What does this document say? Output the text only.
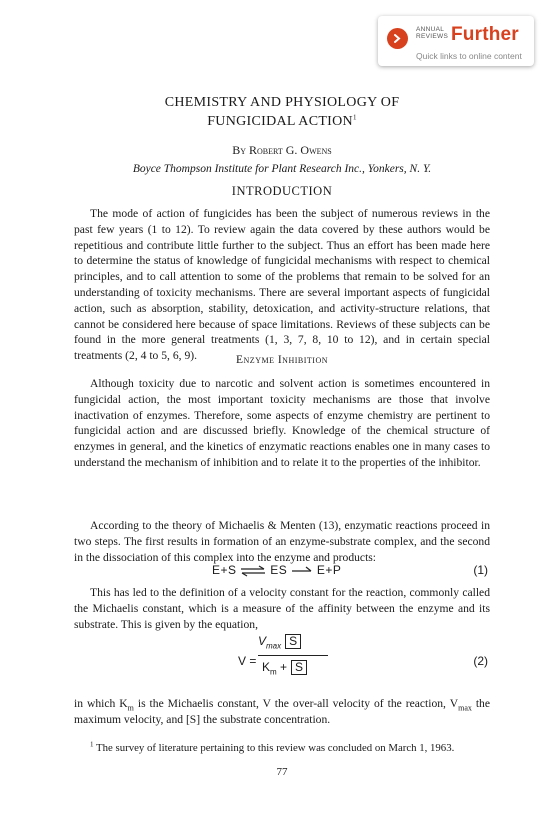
ANNUAL
REVIEWS Further
Quick links to online content
CHEMISTRY AND PHYSIOLOGY OF
FUNGICIDAL ACTION$^1$
By Robert G. Owens
Boyce Thompson Institute for Plant Research Inc., Yonkers, N. Y.
INTRODUCTION

The mode of action of fungicides has been the subject of numerous reviews in the past few years (1 to 12). To review again the data covered by these authors would be repetitious and contribute little further to the subject. Thus an effort has been made here to determine the status of knowledge of fungicidal mechanisms with respect to chemical principles, and to call attention to some of the problems that remain to be solved for an understanding of toxicity mechanisms. There are several important aspects of fungicidal action, such as absorption, stability, detoxication, and activity-structure relations, that cannot be considered here because of space limitations. Reviews of these subjects can be found in the more general treatments (1, 3, 7, 8, 10 to 12), and in certain special treatments (2, 4 to 5, 6, 9).	Enzyme Inhibition

Although toxicity due to narcotic and solvent action is sometimes encountered in fungicidal action, the most important toxicity mechanisms are those that involve inactivation of enzymes. Therefore, some aspects of enzyme chemistry are pertinent to fungicidal action and are discussed briefly. Knowledge of the chemical structure of enzymes in general, and the kinetics of enzymatic reactions enables one in many cases to understand the mechanism of inhibition and to relate it to the properties of the inhibitor.

According to the theory of Michaelis & Menten (13), enzymatic reactions proceed in two steps. The first results in formation of an enzyme-substrate complex, and the second in the dissociation of this complex into the enzyme and products:

E+S ⇌ ES E+P	(1)

This has led to the definition of a velocity constant for the reaction, commonly called the Michaelis constant, which is a measure of the affinity between the enzyme and its substrate. This is given by the equation,

V =
$V_{max}$ S
$K_m + S$	(2)

in which $K_m$ is the Michaelis constant, V the over-all velocity of the reaction, $V_{max}$ the maximum velocity, and [S] the substrate concentration.

$^1$ The survey of literature pertaining to this review was concluded on March 1, 1963.

77
